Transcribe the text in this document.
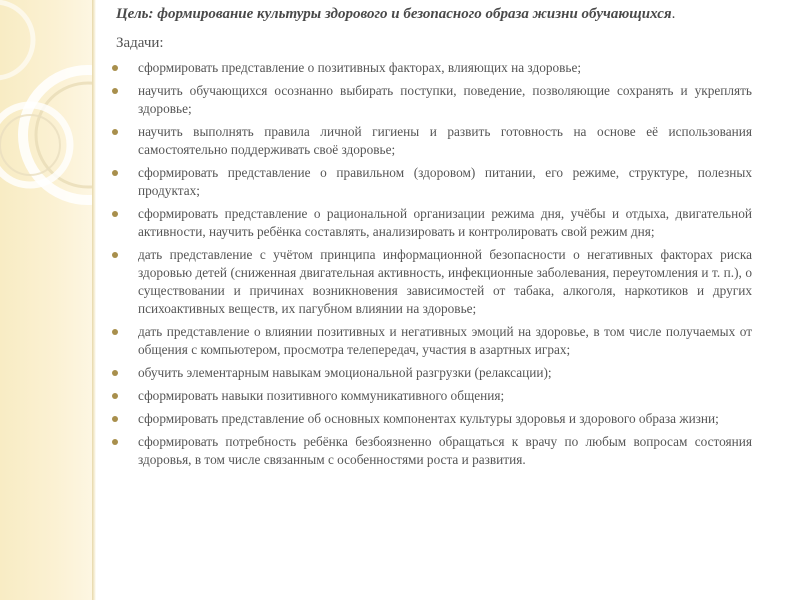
Цель: формирование культуры здорового и безопасного образа жизни обучающихся.

Задачи:
сформировать представление о позитивных факторах, влияющих на здоровье;
научить обучающихся осознанно выбирать поступки, поведение, позволяющие сохранять и укреплять здоровье;
научить выполнять правила личной гигиены и развить готовность на основе её использования самостоятельно поддерживать своё здоровье;
сформировать представление о правильном (здоровом) питании, его режиме, структуре, полезных продуктах;
сформировать представление о рациональной организации режима дня, учёбы и отдыха, двигательной активности, научить ребёнка составлять, анализировать и контролировать свой режим дня;
дать представление с учётом принципа информационной безопасности о негативных факторах риска здоровью детей (сниженная двигательная активность, инфекционные заболевания, переутомления и т. п.), о существовании и причинах возникновения зависимостей от табака, алкоголя, наркотиков и других психоактивных веществ, их пагубном влиянии на здоровье;
дать представление о влиянии позитивных и негативных эмоций на здоровье, в том числе получаемых от общения с компьютером, просмотра телепередач, участия в азартных играх;
обучить элементарным навыкам эмоциональной разгрузки (релаксации);
сформировать навыки позитивного коммуникативного общения;
сформировать представление об основных компонентах культуры здоровья и здорового образа жизни;
сформировать потребность ребёнка безбоязненно обращаться к врачу по любым вопросам состояния здоровья, в том числе связанным с особенностями роста и развития.
